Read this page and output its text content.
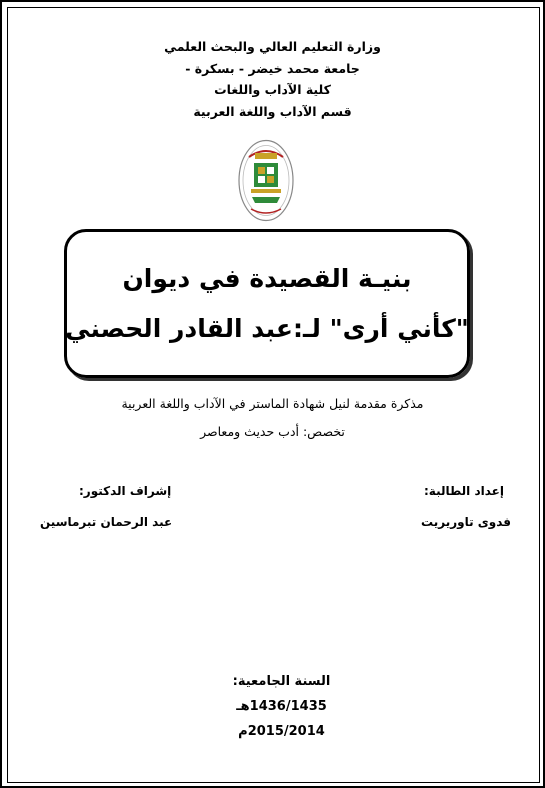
وزارة التعليم العالي والبحث العلمي
جامعة محمد خيضر - بسكرة -
كلية الآداب واللغات
قسم الآداب واللغة العربية
بنيـة القصيدة في ديوان
"كأني أرى" لـ:عبد القادر الحصني
مذكرة مقدمة لنيل شهادة الماستر في الآداب واللغة العربية
تخصص: أدب حديث ومعاصر
إعداد الطالبة:
فدوى تاوريريت
إشراف الدكتور:
عبد الرحمان تبرماسين
السنة الجامعية:
1436/1435هـ
2015/2014م
